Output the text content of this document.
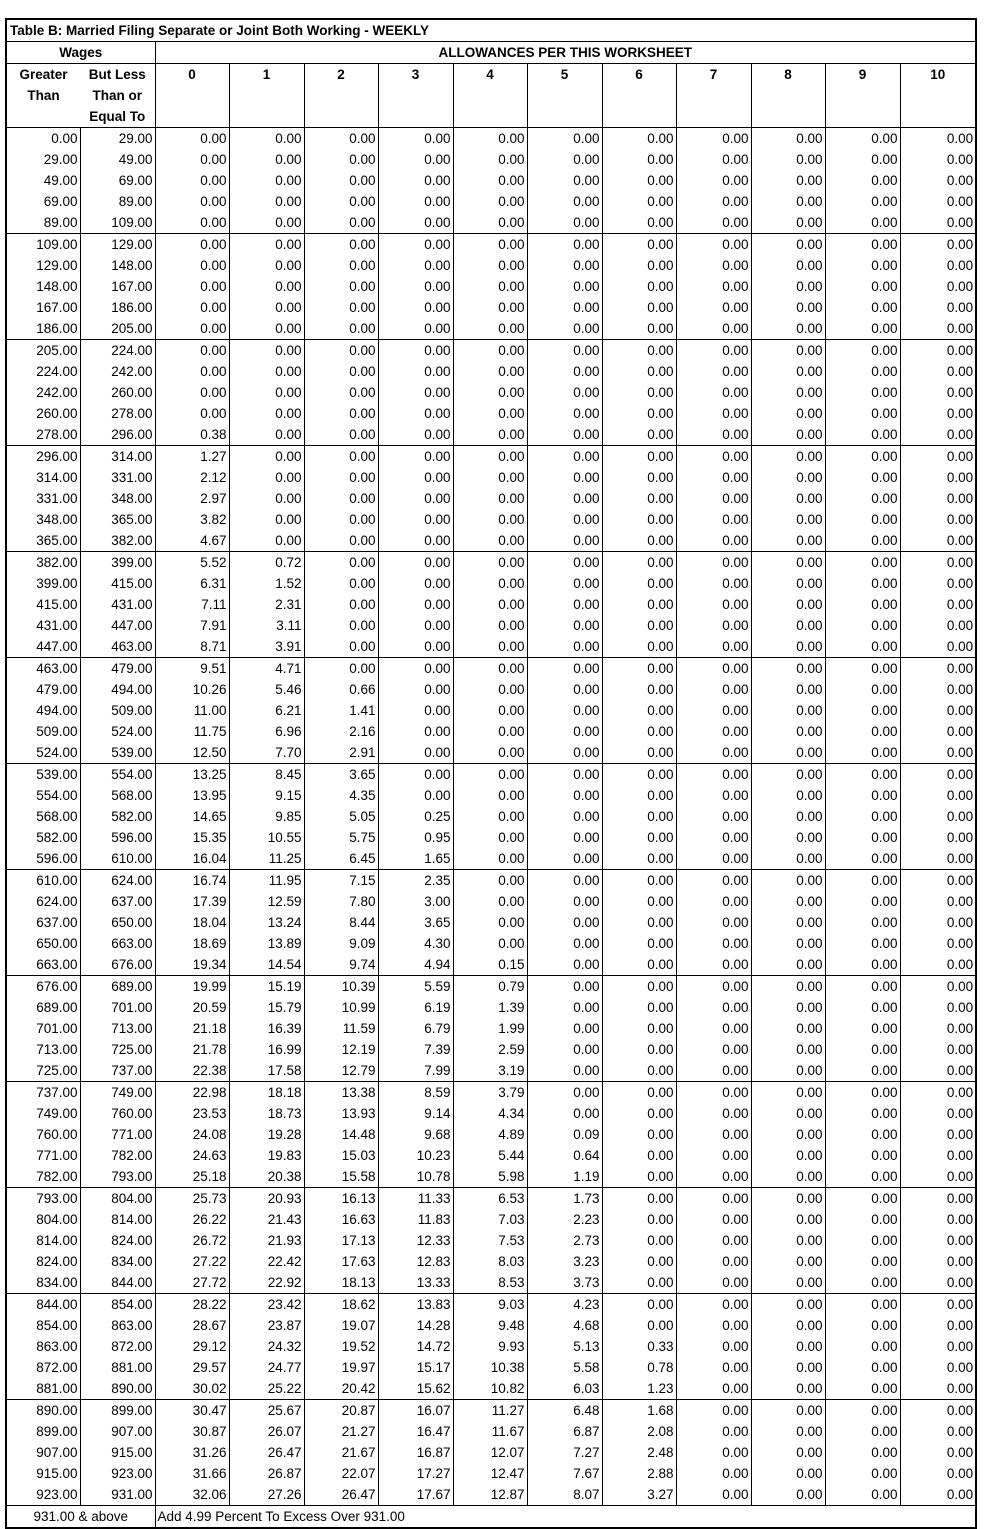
Table B: Married Filing Separate or Joint Both Working - WEEKLY												
Wages		ALLOWANCES PER THIS WORKSHEET										
Greater	But Less	0	1	2	3	4	5	6	7	8	9	10
Than	Than or											
	Equal To											
0.00	29.00	0.00	0.00	0.00	0.00	0.00	0.00	0.00	0.00	0.00	0.00	0.00
29.00	49.00	0.00	0.00	0.00	0.00	0.00	0.00	0.00	0.00	0.00	0.00	0.00
49.00	69.00	0.00	0.00	0.00	0.00	0.00	0.00	0.00	0.00	0.00	0.00	0.00
69.00	89.00	0.00	0.00	0.00	0.00	0.00	0.00	0.00	0.00	0.00	0.00	0.00
89.00	109.00	0.00	0.00	0.00	0.00	0.00	0.00	0.00	0.00	0.00	0.00	0.00
109.00	129.00	0.00	0.00	0.00	0.00	0.00	0.00	0.00	0.00	0.00	0.00	0.00
129.00	148.00	0.00	0.00	0.00	0.00	0.00	0.00	0.00	0.00	0.00	0.00	0.00
148.00	167.00	0.00	0.00	0.00	0.00	0.00	0.00	0.00	0.00	0.00	0.00	0.00
167.00	186.00	0.00	0.00	0.00	0.00	0.00	0.00	0.00	0.00	0.00	0.00	0.00
186.00	205.00	0.00	0.00	0.00	0.00	0.00	0.00	0.00	0.00	0.00	0.00	0.00
205.00	224.00	0.00	0.00	0.00	0.00	0.00	0.00	0.00	0.00	0.00	0.00	0.00
224.00	242.00	0.00	0.00	0.00	0.00	0.00	0.00	0.00	0.00	0.00	0.00	0.00
242.00	260.00	0.00	0.00	0.00	0.00	0.00	0.00	0.00	0.00	0.00	0.00	0.00
260.00	278.00	0.00	0.00	0.00	0.00	0.00	0.00	0.00	0.00	0.00	0.00	0.00
278.00	296.00	0.38	0.00	0.00	0.00	0.00	0.00	0.00	0.00	0.00	0.00	0.00
296.00	314.00	1.27	0.00	0.00	0.00	0.00	0.00	0.00	0.00	0.00	0.00	0.00
314.00	331.00	2.12	0.00	0.00	0.00	0.00	0.00	0.00	0.00	0.00	0.00	0.00
331.00	348.00	2.97	0.00	0.00	0.00	0.00	0.00	0.00	0.00	0.00	0.00	0.00
348.00	365.00	3.82	0.00	0.00	0.00	0.00	0.00	0.00	0.00	0.00	0.00	0.00
365.00	382.00	4.67	0.00	0.00	0.00	0.00	0.00	0.00	0.00	0.00	0.00	0.00
382.00	399.00	5.52	0.72	0.00	0.00	0.00	0.00	0.00	0.00	0.00	0.00	0.00
399.00	415.00	6.31	1.52	0.00	0.00	0.00	0.00	0.00	0.00	0.00	0.00	0.00
415.00	431.00	7.11	2.31	0.00	0.00	0.00	0.00	0.00	0.00	0.00	0.00	0.00
431.00	447.00	7.91	3.11	0.00	0.00	0.00	0.00	0.00	0.00	0.00	0.00	0.00
447.00	463.00	8.71	3.91	0.00	0.00	0.00	0.00	0.00	0.00	0.00	0.00	0.00
463.00	479.00	9.51	4.71	0.00	0.00	0.00	0.00	0.00	0.00	0.00	0.00	0.00
479.00	494.00	10.26	5.46	0.66	0.00	0.00	0.00	0.00	0.00	0.00	0.00	0.00
494.00	509.00	11.00	6.21	1.41	0.00	0.00	0.00	0.00	0.00	0.00	0.00	0.00
509.00	524.00	11.75	6.96	2.16	0.00	0.00	0.00	0.00	0.00	0.00	0.00	0.00
524.00	539.00	12.50	7.70	2.91	0.00	0.00	0.00	0.00	0.00	0.00	0.00	0.00
539.00	554.00	13.25	8.45	3.65	0.00	0.00	0.00	0.00	0.00	0.00	0.00	0.00
554.00	568.00	13.95	9.15	4.35	0.00	0.00	0.00	0.00	0.00	0.00	0.00	0.00
568.00	582.00	14.65	9.85	5.05	0.25	0.00	0.00	0.00	0.00	0.00	0.00	0.00
582.00	596.00	15.35	10.55	5.75	0.95	0.00	0.00	0.00	0.00	0.00	0.00	0.00
596.00	610.00	16.04	11.25	6.45	1.65	0.00	0.00	0.00	0.00	0.00	0.00	0.00
610.00	624.00	16.74	11.95	7.15	2.35	0.00	0.00	0.00	0.00	0.00	0.00	0.00
624.00	637.00	17.39	12.59	7.80	3.00	0.00	0.00	0.00	0.00	0.00	0.00	0.00
637.00	650.00	18.04	13.24	8.44	3.65	0.00	0.00	0.00	0.00	0.00	0.00	0.00
650.00	663.00	18.69	13.89	9.09	4.30	0.00	0.00	0.00	0.00	0.00	0.00	0.00
663.00	676.00	19.34	14.54	9.74	4.94	0.15	0.00	0.00	0.00	0.00	0.00	0.00
676.00	689.00	19.99	15.19	10.39	5.59	0.79	0.00	0.00	0.00	0.00	0.00	0.00
689.00	701.00	20.59	15.79	10.99	6.19	1.39	0.00	0.00	0.00	0.00	0.00	0.00
701.00	713.00	21.18	16.39	11.59	6.79	1.99	0.00	0.00	0.00	0.00	0.00	0.00
713.00	725.00	21.78	16.99	12.19	7.39	2.59	0.00	0.00	0.00	0.00	0.00	0.00
725.00	737.00	22.38	17.58	12.79	7.99	3.19	0.00	0.00	0.00	0.00	0.00	0.00
737.00	749.00	22.98	18.18	13.38	8.59	3.79	0.00	0.00	0.00	0.00	0.00	0.00
749.00	760.00	23.53	18.73	13.93	9.14	4.34	0.00	0.00	0.00	0.00	0.00	0.00
760.00	771.00	24.08	19.28	14.48	9.68	4.89	0.09	0.00	0.00	0.00	0.00	0.00
771.00	782.00	24.63	19.83	15.03	10.23	5.44	0.64	0.00	0.00	0.00	0.00	0.00
782.00	793.00	25.18	20.38	15.58	10.78	5.98	1.19	0.00	0.00	0.00	0.00	0.00
793.00	804.00	25.73	20.93	16.13	11.33	6.53	1.73	0.00	0.00	0.00	0.00	0.00
804.00	814.00	26.22	21.43	16.63	11.83	7.03	2.23	0.00	0.00	0.00	0.00	0.00
814.00	824.00	26.72	21.93	17.13	12.33	7.53	2.73	0.00	0.00	0.00	0.00	0.00
824.00	834.00	27.22	22.42	17.63	12.83	8.03	3.23	0.00	0.00	0.00	0.00	0.00
834.00	844.00	27.72	22.92	18.13	13.33	8.53	3.73	0.00	0.00	0.00	0.00	0.00
844.00	854.00	28.22	23.42	18.62	13.83	9.03	4.23	0.00	0.00	0.00	0.00	0.00
854.00	863.00	28.67	23.87	19.07	14.28	9.48	4.68	0.00	0.00	0.00	0.00	0.00
863.00	872.00	29.12	24.32	19.52	14.72	9.93	5.13	0.33	0.00	0.00	0.00	0.00
872.00	881.00	29.57	24.77	19.97	15.17	10.38	5.58	0.78	0.00	0.00	0.00	0.00
881.00	890.00	30.02	25.22	20.42	15.62	10.82	6.03	1.23	0.00	0.00	0.00	0.00
890.00	899.00	30.47	25.67	20.87	16.07	11.27	6.48	1.68	0.00	0.00	0.00	0.00
899.00	907.00	30.87	26.07	21.27	16.47	11.67	6.87	2.08	0.00	0.00	0.00	0.00
907.00	915.00	31.26	26.47	21.67	16.87	12.07	7.27	2.48	0.00	0.00	0.00	0.00
915.00	923.00	31.66	26.87	22.07	17.27	12.47	7.67	2.88	0.00	0.00	0.00	0.00
923.00	931.00	32.06	27.26	26.47	17.67	12.87	8.07	3.27	0.00	0.00	0.00	0.00
931.00 & above		Add 4.99 Percent To Excess Over 931.00										
